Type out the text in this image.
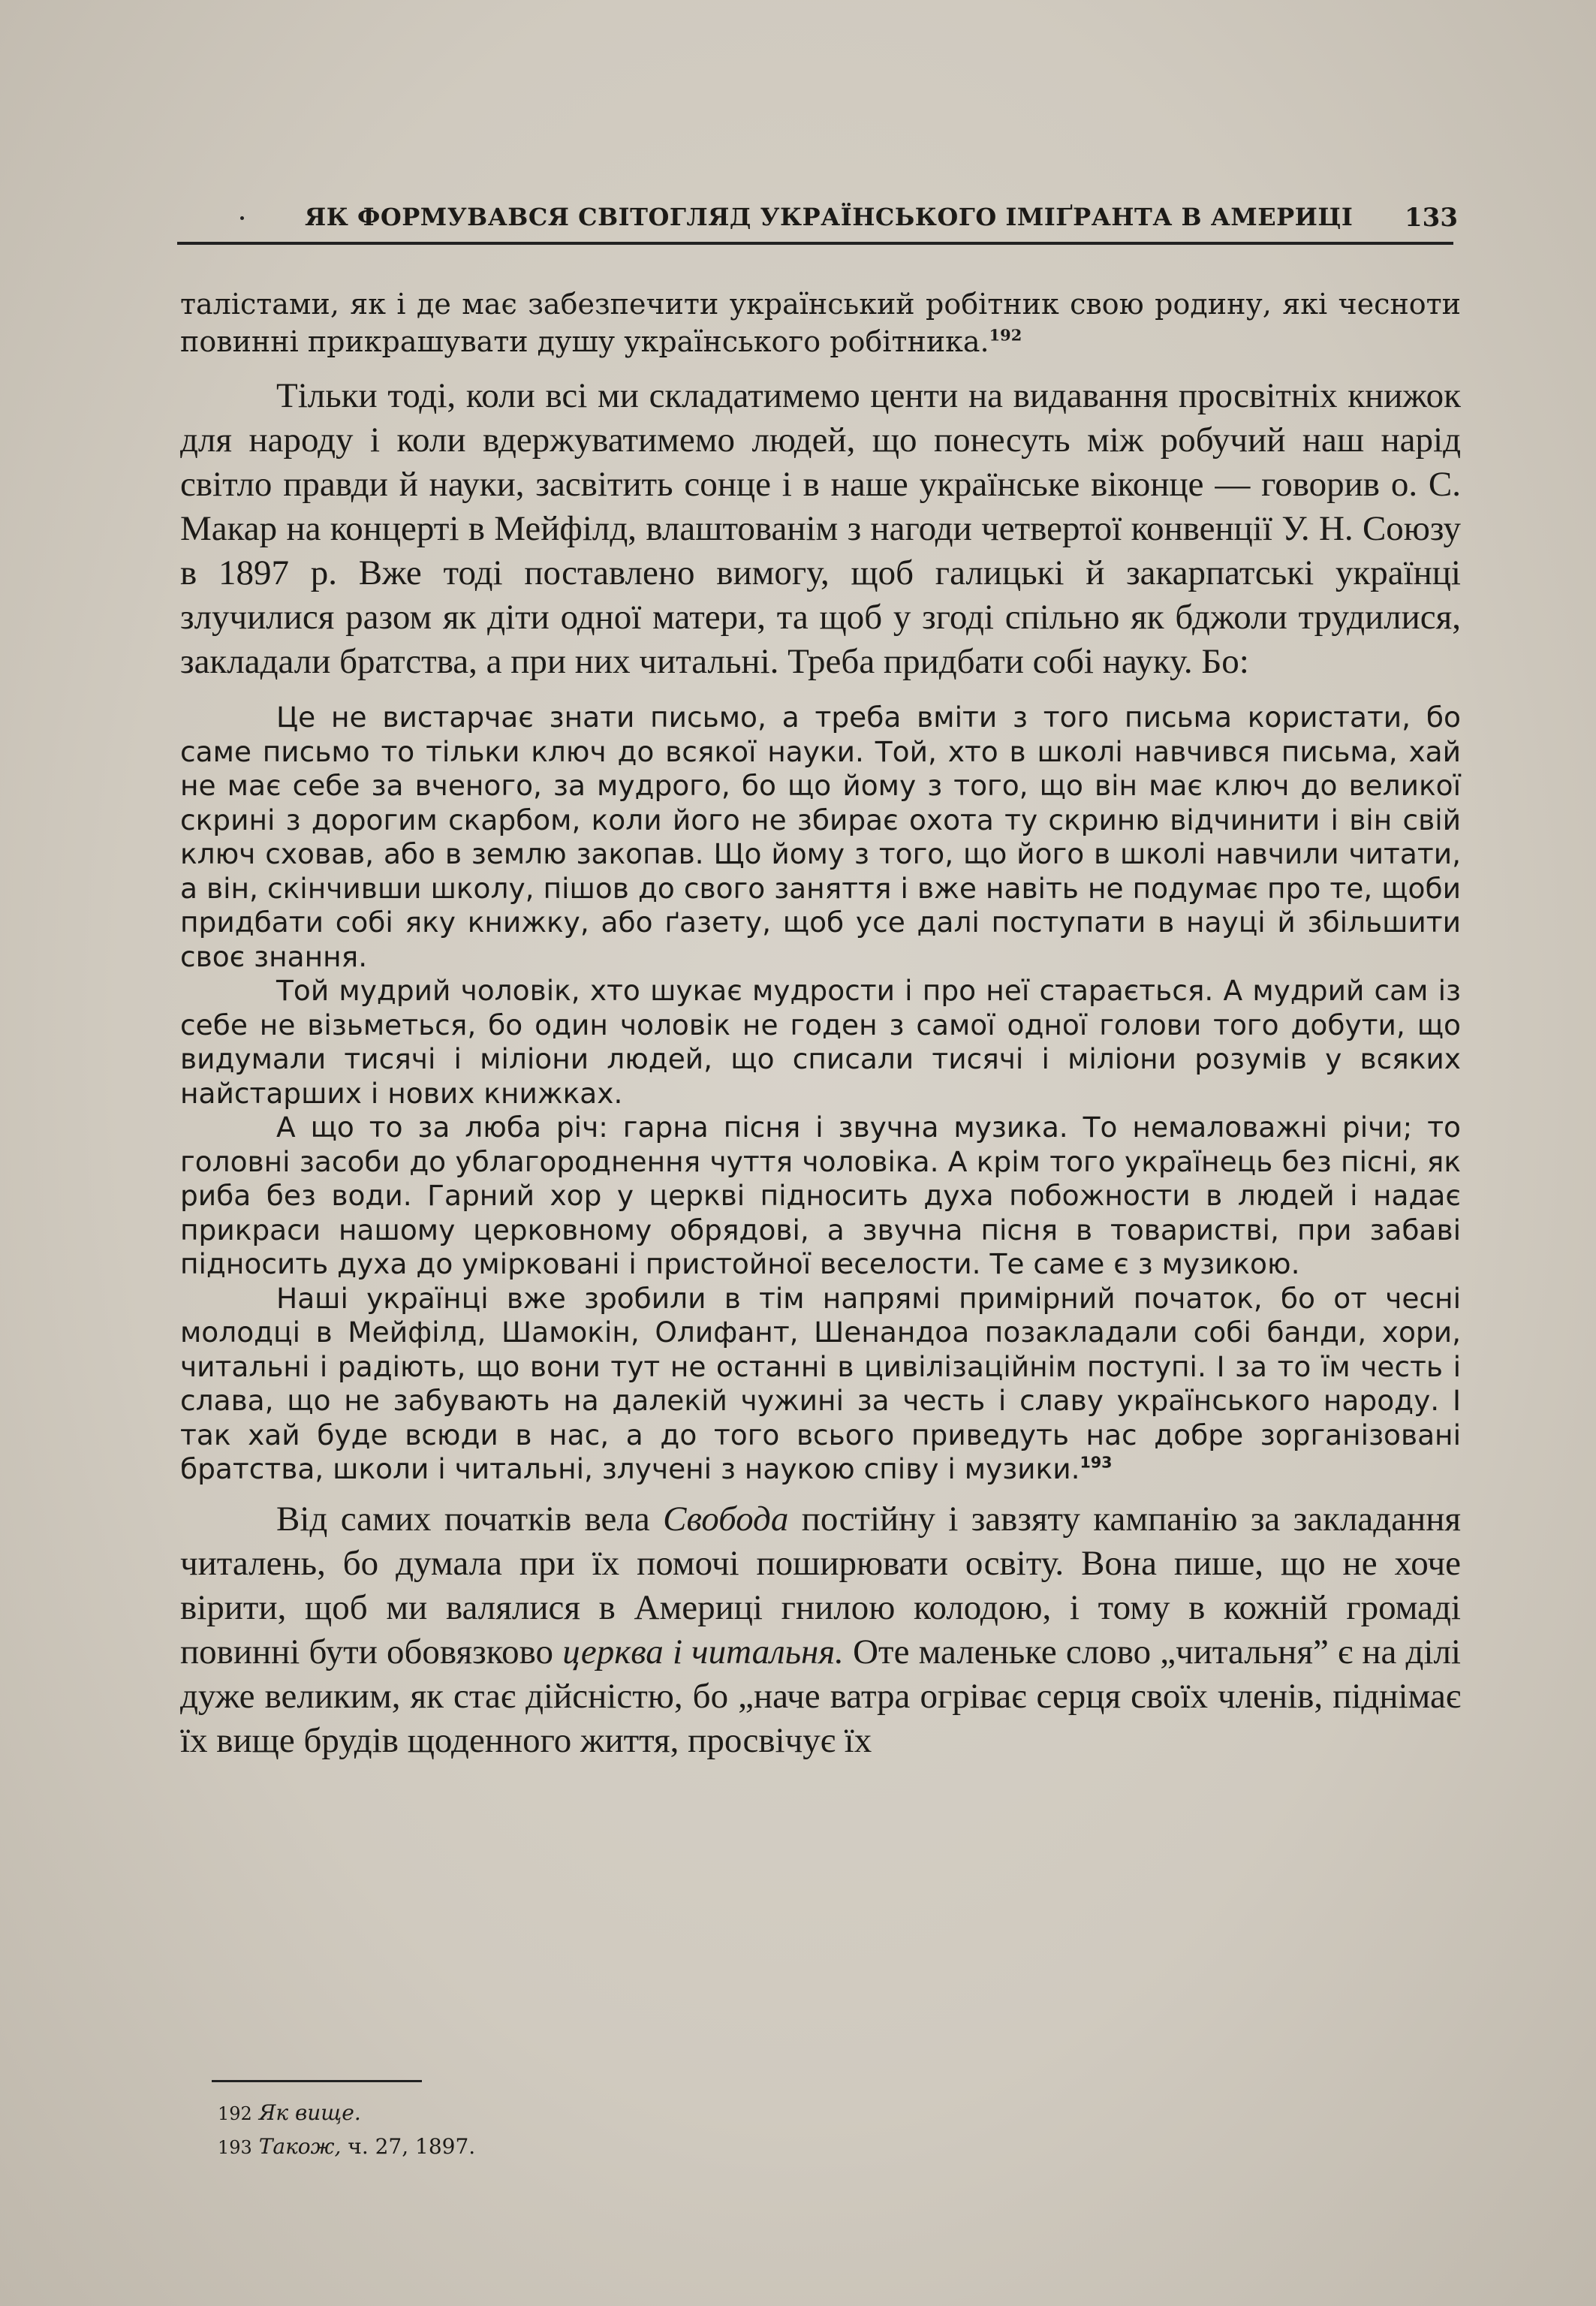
ЯК ФОРМУВАВСЯ СВІТОГЛЯД УКРАЇНСЬКОГО ІМІҐРАНТА В АМЕРИЦІ 133

талістами, як і де має забезпечити український робітник свою родину, які чесноти повинні прикрашувати душу українського робітника.$^{192}$

Тільки тоді, коли всі ми складатимемо центи на видавання просвітніх книжок для народу і коли вдержуватимемо людей, що понесуть між робучий наш нарід світло правди й науки, засвітить сонце і в наше українське віконце — говорив о. С. Макар на концерті в Мейфілд, влаштованім з нагоди четвертої конвенції У. Н. Союзу в 1897 р. Вже тоді поставлено вимогу, щоб галицькі й закарпатські українці злучилися разом як діти одної матери, та щоб у згоді спільно як бджоли трудилися, закладали братства, а при них читальні. Треба придбати собі науку. Бо:

Це не вистарчає знати письмо, а треба вміти з того письма користати, бо саме письмо то тільки ключ до всякої науки. Той, хто в школі навчився письма, хай не має себе за вченого, за мудрого, бо що йому з того, що він має ключ до великої скрині з дорогим скарбом, коли його не збирає охота ту скриню відчинити і він свій ключ сховав, або в землю закопав. Що йому з того, що його в школі навчили читати, а він, скінчивши школу, пішов до свого заняття і вже навіть не подумає про те, щоби придбати собі яку книжку, або ґазету, щоб усе далі поступати в науці й збільшити своє знання.

Той мудрий чоловік, хто шукає мудрости і про неї старається. А мудрий сам із себе не візьметься, бо один чоловік не годен з самої одної голови того добути, що видумали тисячі і міліони людей, що списали тисячі і міліони розумів у всяких найстарших і нових книжках.

А що то за люба річ: гарна пісня і звучна музика. То немаловажні річи; то головні засоби до ублагороднення чуття чоловіка. А крім того українець без пісні, як риба без води. Гарний хор у церкві підносить духа побожности в людей і надає прикраси нашому церковному обрядові, а звучна пісня в товаристві, при забаві підносить духа до умірковані і пристойної веселости. Те саме є з музикою.

Наші українці вже зробили в тім напрямі примірний початок, бо от чесні молодці в Мейфілд, Шамокін, Олифант, Шенандоа позакладали собі банди, хори, читальні і радіють, що вони тут не останні в цивілізаційнім поступі. І за то їм честь і слава, що не забувають на далекій чужині за честь і славу українського народу. І так хай буде всюди в нас, а до того всього приведуть нас добре зорганізовані братства, школи і читальні, злучені з наукою співу і музики.$^{193}$

Від самих початків вела Свобода постійну і завзяту кампанію за закладання читалень, бо думала при їх помочі поширювати освіту. Вона пише, що не хоче вірити, щоб ми валялися в Америці гнилою колодою, і тому в кожній громаді повинні бути обовязково церква і читальня. Оте маленьке слово „читальня” є на ділі дуже великим, як стає дійсністю, бо „наче ватра огріває серця своїх членів, піднімає їх вище брудів щоденного життя, просвічує їх

192 Як вище.
193 Також, ч. 27, 1897.
